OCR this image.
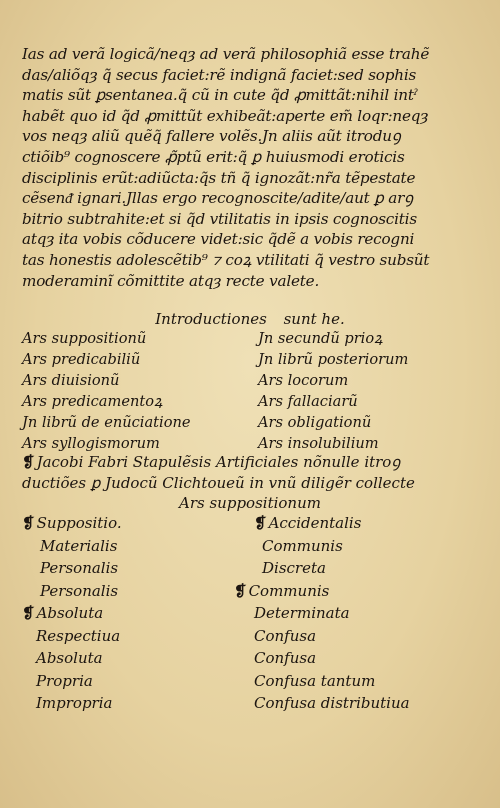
Ias ad verã logicã/neqȝ ad verã philosophiã esse trahẽ
das/aliõqȝ q̃ secus faciet:rẽ indignã faciet:sed sophis
matis sũt ꝑsentanea.q̃ cũ in cute q̃d ꝓmittãt:nihil intˀ
habẽt quo id q̃d ꝓmittũt exhibeãt:aperte em̃ loqr:neqȝ
vos neqȝ aliũ quẽq̃ fallere volẽs.Jn aliis aũt itroduꝯ
ctiõib⁹ cognoscere ꝓ̃ptũ erit:q̃ ꝑ huiusmodi eroticis
disciplinis erũt:adiũcta:q̃s tñ q̃ ignozãt:nr̃a tẽpestate
cẽsenᵭ ignari.Jllas ergo recognoscite/adite/aut ꝑ arꝯ
bitrio subtrahite:et si q̃d vtilitatis in ipsis cognoscitis
atqȝ ita vobis cõducere videt:sic q̃dẽ a vobis recogni
tas honestis adolescẽtib⁹ ⁊ coꝝ vtilitati q̃ vestro subsũt
moderaminĩ cõmittite atqȝ recte valete.
Introductiones sunt he.
Ars suppositionũ
Ars predicabiliũ
Ars diuisionũ
Ars predicamentoꝝ
Jn librũ de enũciatione
Ars syllogismorum
Jn secundũ prioꝝ
Jn librũ posteriorum
Ars locorum
Ars fallaciarũ
Ars obligationũ
Ars insolubilium
❡ Jacobi Fabri Stapulẽsis Artificiales nõnulle itroꝯ
ductiões ꝑ Judocũ Clichtoueũ in vnũ diligẽr collecte
Ars suppositionum
❡ Suppositio.
Materialis
Personalis
Personalis
❡ Absoluta
Respectiua
Absoluta
Propria
Impropria
❡ Accidentalis
Communis
Discreta
❡ Communis
Determinata
Confusa
Confusa
Confusa tantum
Confusa distributiua
